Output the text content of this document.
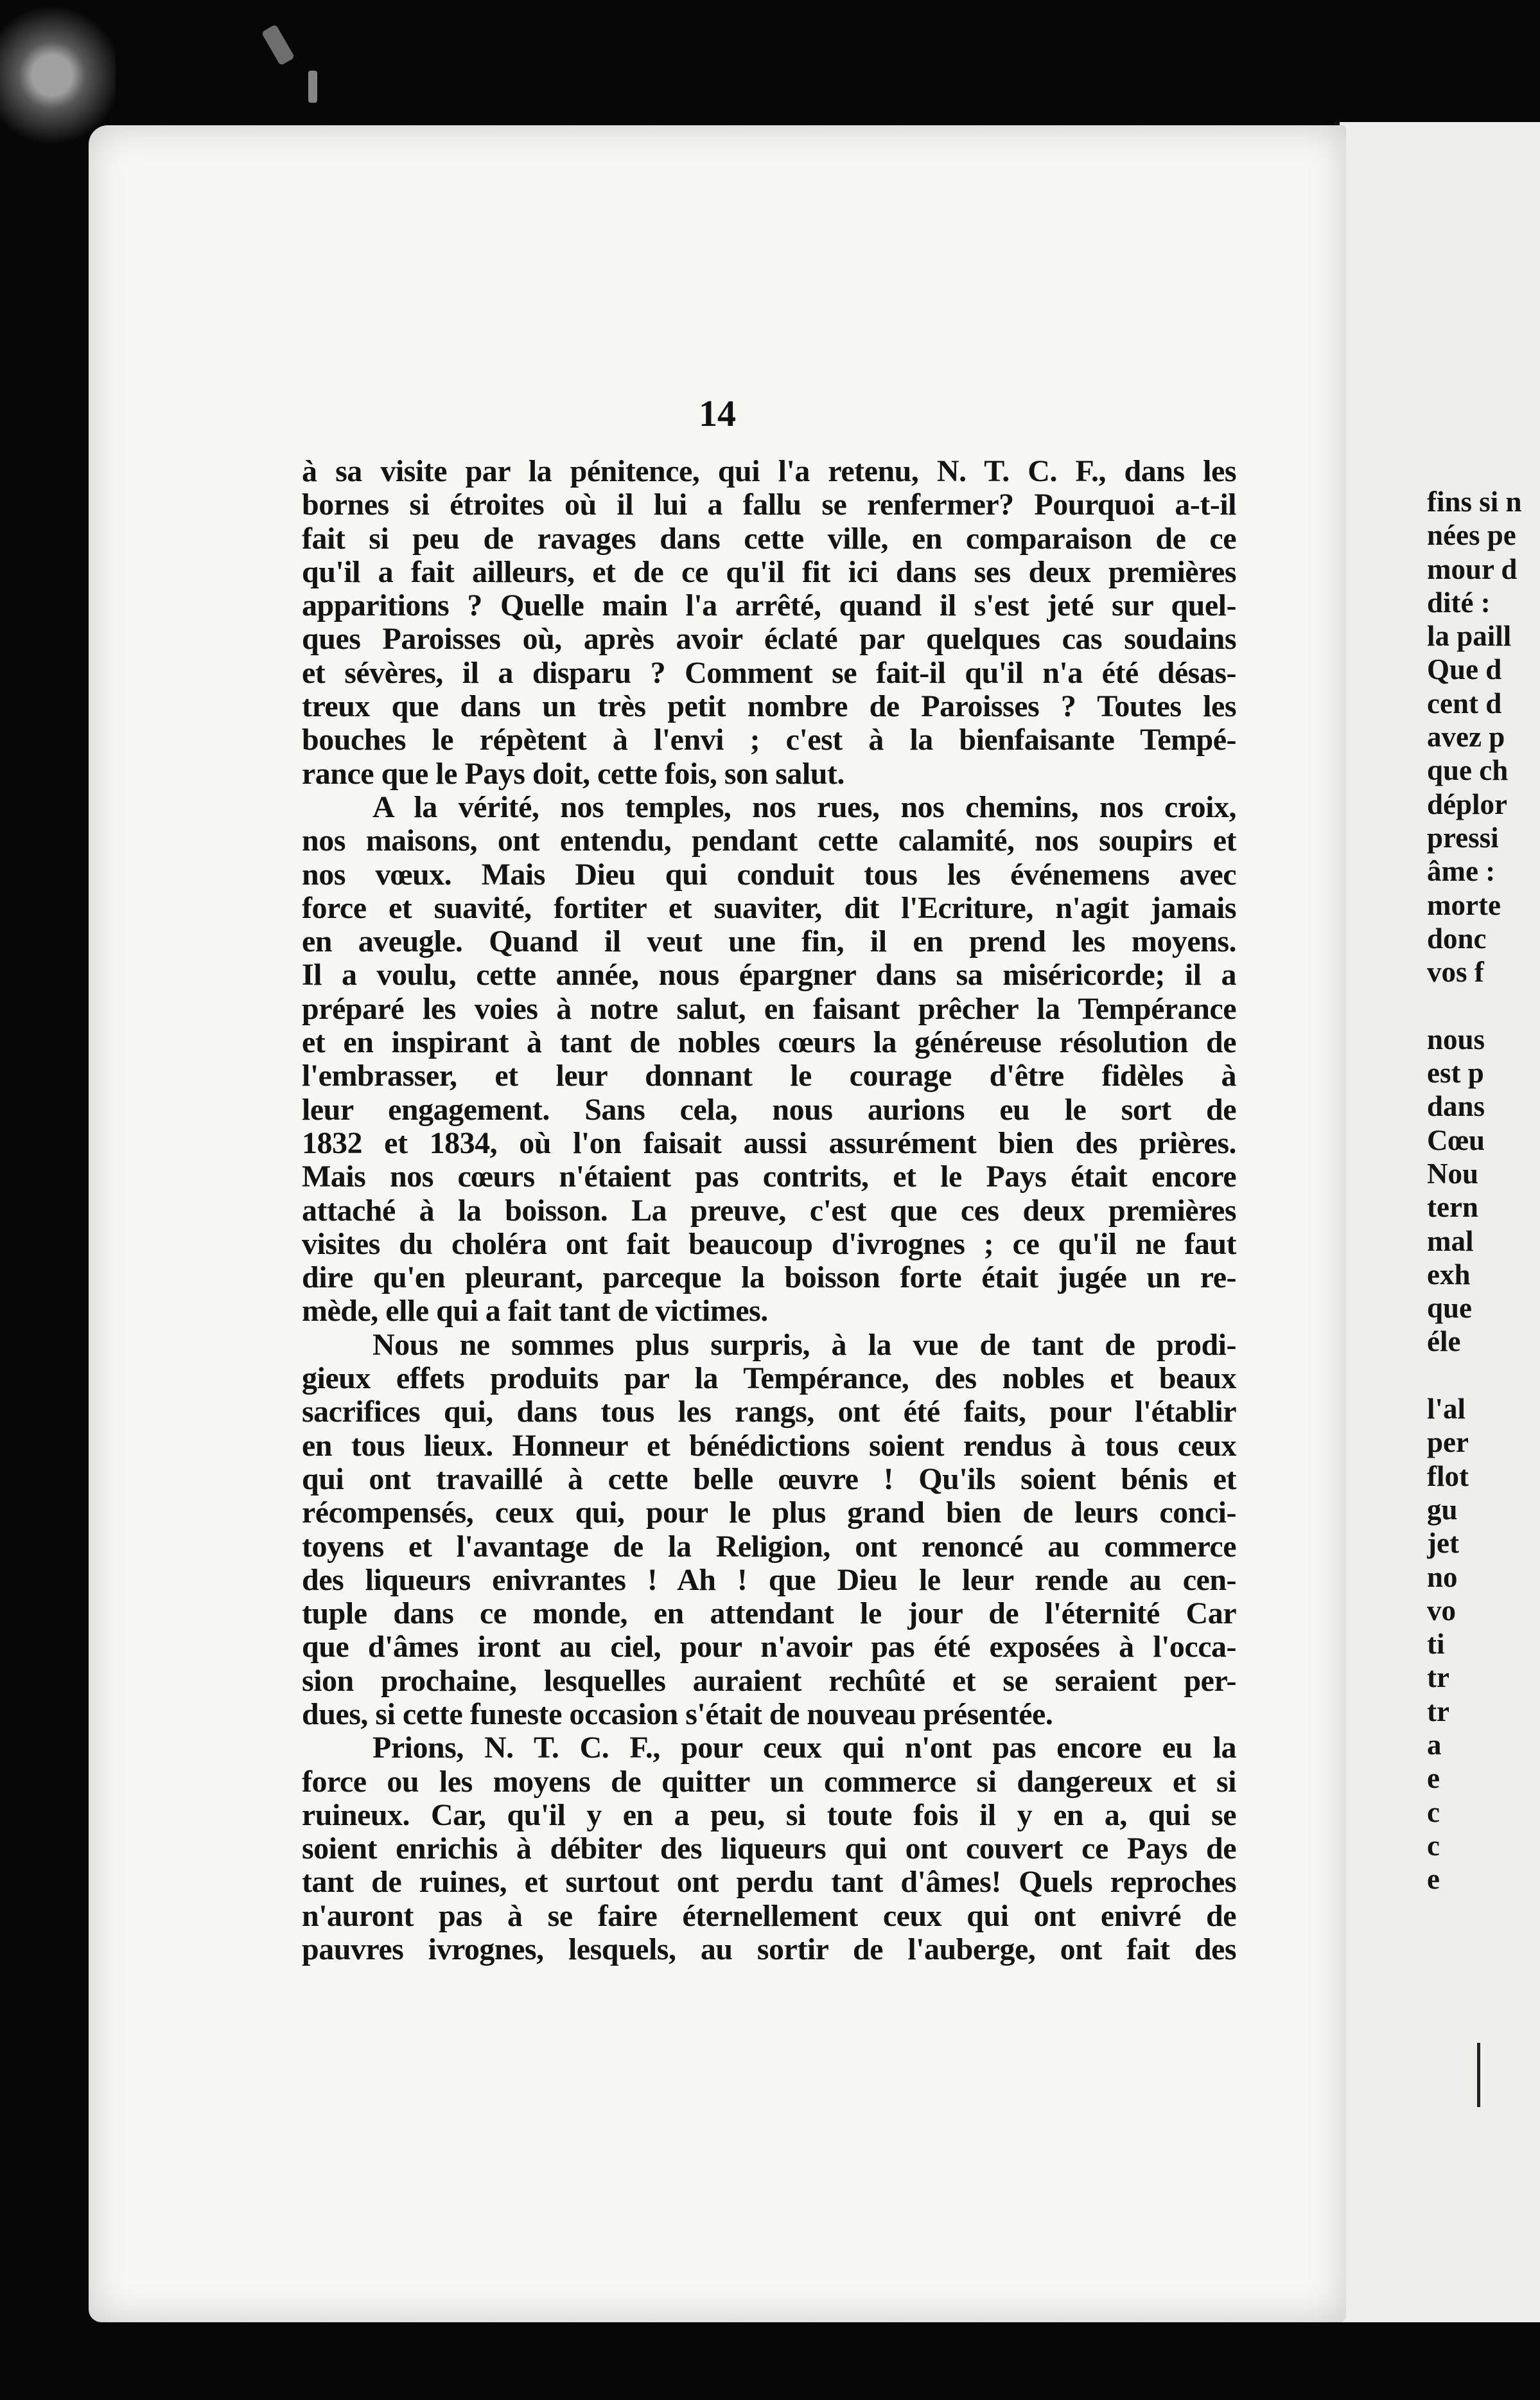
fins si n
nées pe
mour d
dité :
la paill
Que d
cent d
avez p
que ch
déplor
pressi
âme :
morte
donc
vos f

nous
est p
dans
Cœu
Nou
tern
mal
exh
que
éle

l'al
per
flot
gu
jet
no
vo
ti
tr
tr
a
e
c
c
e
14

à sa visite par la pénitence, qui l'a retenu, N. T. C. F., dans les
bornes si étroites où il lui a fallu se renfermer? Pourquoi a-t-il
fait si peu de ravages dans cette ville, en comparaison de ce
qu'il a fait ailleurs, et de ce qu'il fit ici dans ses deux premières
apparitions ? Quelle main l'a arrêté, quand il s'est jeté sur quel-
ques Paroisses où, après avoir éclaté par quelques cas soudains
et sévères, il a disparu ? Comment se fait-il qu'il n'a été désas-
treux que dans un très petit nombre de Paroisses ? Toutes les
bouches le répètent à l'envi ; c'est à la bienfaisante Tempé-
rance que le Pays doit, cette fois, son salut.

A la vérité, nos temples, nos rues, nos chemins, nos croix,
nos maisons, ont entendu, pendant cette calamité, nos soupirs et
nos vœux. Mais Dieu qui conduit tous les événemens avec
force et suavité, fortiter et suaviter, dit l'Ecriture, n'agit jamais
en aveugle. Quand il veut une fin, il en prend les moyens.
Il a voulu, cette année, nous épargner dans sa miséricorde; il a
préparé les voies à notre salut, en faisant prêcher la Tempérance
et en inspirant à tant de nobles cœurs la généreuse résolution de
l'embrasser, et leur donnant le courage d'être fidèles à
leur engagement. Sans cela, nous aurions eu le sort de
1832 et 1834, où l'on faisait aussi assurément bien des prières.
Mais nos cœurs n'étaient pas contrits, et le Pays était encore
attaché à la boisson. La preuve, c'est que ces deux premières
visites du choléra ont fait beaucoup d'ivrognes ; ce qu'il ne faut
dire qu'en pleurant, parceque la boisson forte était jugée un re-
mède, elle qui a fait tant de victimes.

Nous ne sommes plus surpris, à la vue de tant de prodi-
gieux effets produits par la Tempérance, des nobles et beaux
sacrifices qui, dans tous les rangs, ont été faits, pour l'établir
en tous lieux. Honneur et bénédictions soient rendus à tous ceux
qui ont travaillé à cette belle œuvre ! Qu'ils soient bénis et
récompensés, ceux qui, pour le plus grand bien de leurs conci-
toyens et l'avantage de la Religion, ont renoncé au commerce
des liqueurs enivrantes ! Ah ! que Dieu le leur rende au cen-
tuple dans ce monde, en attendant le jour de l'éternité Car
que d'âmes iront au ciel, pour n'avoir pas été exposées à l'occa-
sion prochaine, lesquelles auraient rechûté et se seraient per-
dues, si cette funeste occasion s'était de nouveau présentée.

Prions, N. T. C. F., pour ceux qui n'ont pas encore eu la
force ou les moyens de quitter un commerce si dangereux et si
ruineux. Car, qu'il y en a peu, si toute fois il y en a, qui se
soient enrichis à débiter des liqueurs qui ont couvert ce Pays de
tant de ruines, et surtout ont perdu tant d'âmes! Quels reproches
n'auront pas à se faire éternellement ceux qui ont enivré de
pauvres ivrognes, lesquels, au sortir de l'auberge, ont fait des
